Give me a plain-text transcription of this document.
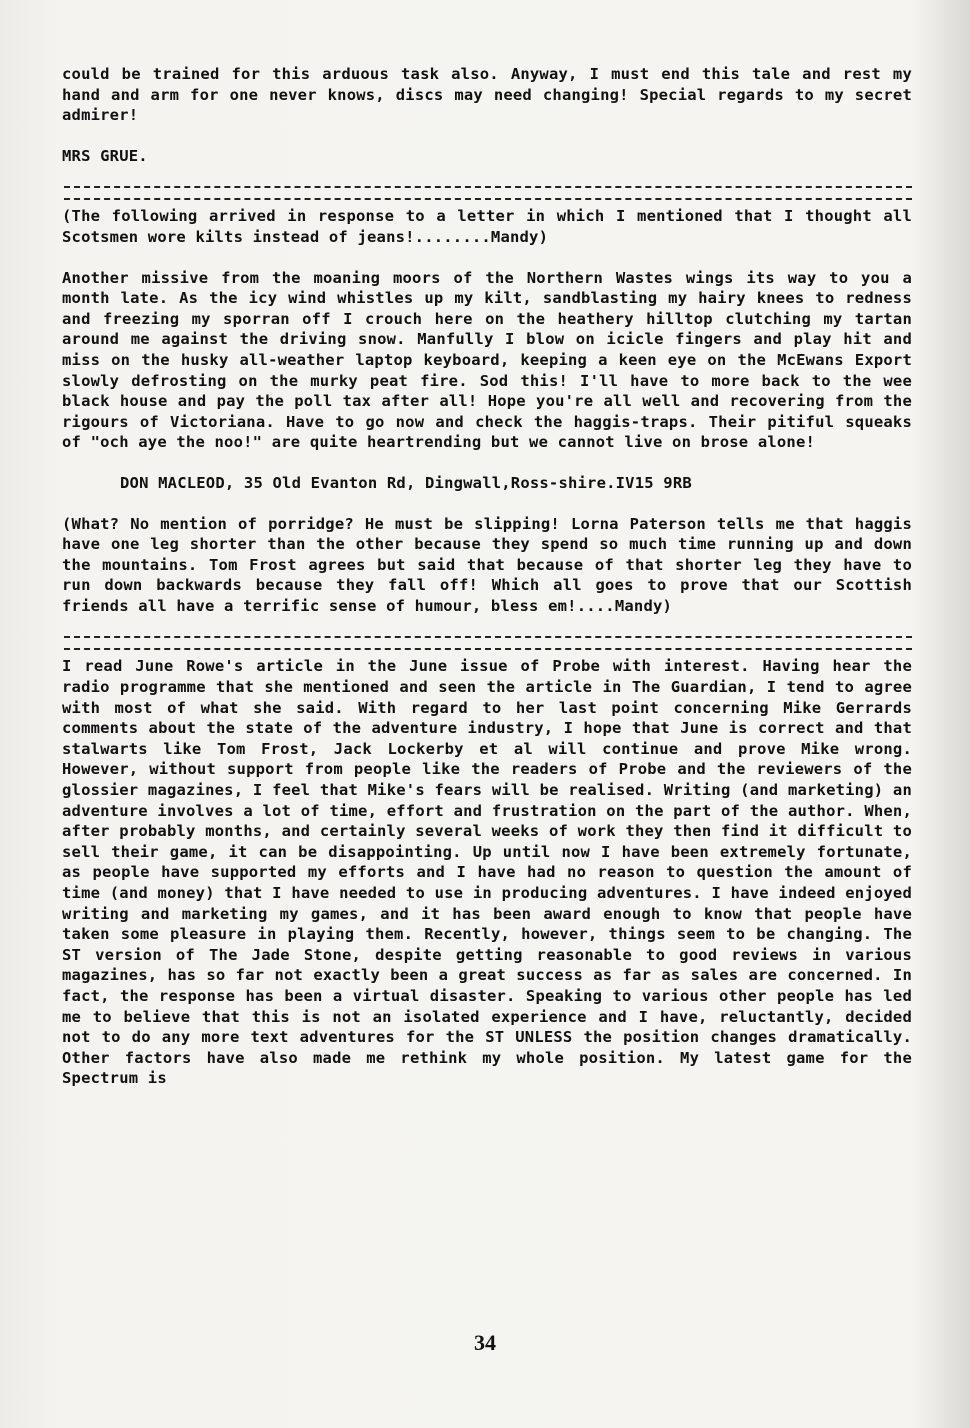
could be trained for this arduous task also. Anyway, I must end this tale and rest my hand and arm for one never knows, discs may need changing! Special regards to my secret admirer!

MRS GRUE.

(The following arrived in response to a letter in which I mentioned that I thought all Scotsmen wore kilts instead of jeans!........Mandy)

Another missive from the moaning moors of the Northern Wastes wings its way to you a month late. As the icy wind whistles up my kilt, sandblasting my hairy knees to redness and freezing my sporran off I crouch here on the heathery hilltop clutching my tartan around me against the driving snow. Manfully I blow on icicle fingers and play hit and miss on the husky all-weather laptop keyboard, keeping a keen eye on the McEwans Export slowly defrosting on the murky peat fire. Sod this! I'll have to more back to the wee black house and pay the poll tax after all! Hope you're all well and recovering from the rigours of Victoriana. Have to go now and check the haggis-traps. Their pitiful squeaks of "och aye the noo!" are quite heartrending but we cannot live on brose alone!

DON MACLEOD, 35 Old Evanton Rd, Dingwall,Ross-shire.IV15 9RB

(What? No mention of porridge? He must be slipping! Lorna Paterson tells me that haggis have one leg shorter than the other because they spend so much time running up and down the mountains. Tom Frost agrees but said that because of that shorter leg they have to run down backwards because they fall off! Which all goes to prove that our Scottish friends all have a terrific sense of humour, bless em!....Mandy)

I read June Rowe's article in the June issue of Probe with interest. Having hear the radio programme that she mentioned and seen the article in The Guardian, I tend to agree with most of what she said. With regard to her last point concerning Mike Gerrards comments about the state of the adventure industry, I hope that June is correct and that stalwarts like Tom Frost, Jack Lockerby et al will continue and prove Mike wrong. However, without support from people like the readers of Probe and the reviewers of the glossier magazines, I feel that Mike's fears will be realised. Writing (and marketing) an adventure involves a lot of time, effort and frustration on the part of the author. When, after probably months, and certainly several weeks of work they then find it difficult to sell their game, it can be disappointing. Up until now I have been extremely fortunate, as people have supported my efforts and I have had no reason to question the amount of time (and money) that I have needed to use in producing adventures. I have indeed enjoyed writing and marketing my games, and it has been award enough to know that people have taken some pleasure in playing them. Recently, however, things seem to be changing. The ST version of The Jade Stone, despite getting reasonable to good reviews in various magazines, has so far not exactly been a great success as far as sales are concerned. In fact, the response has been a virtual disaster. Speaking to various other people has led me to believe that this is not an isolated experience and I have, reluctantly, decided not to do any more text adventures for the ST UNLESS the position changes dramatically. Other factors have also made me rethink my whole position. My latest game for the Spectrum is

34
